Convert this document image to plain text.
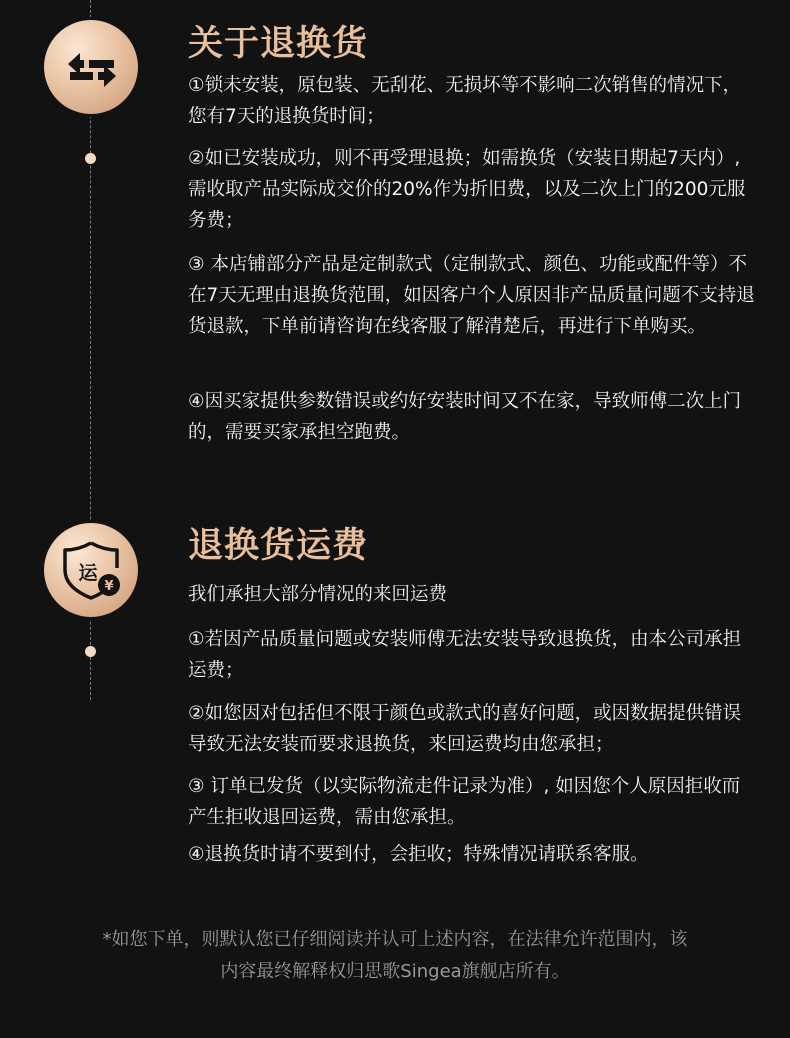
关于退换货

①锁未安装，原包装、无刮花、无损坏等不影响二次销售的情况下，您有7天的退换货时间；

②如已安装成功，则不再受理退换；如需换货（安装日期起7天内）,需收取产品实际成交价的20%作为折旧费，以及二次上门的200元服务费；

③ 本店铺部分产品是定制款式（定制款式、颜色、功能或配件等）不在7天无理由退换货范围，如因客户个人原因非产品质量问题不支持退货退款，下单前请咨询在线客服了解清楚后，再进行下单购买。

④因买家提供参数错误或约好安装时间又不在家，导致师傅二次上门的，需要买家承担空跑费。

运
¥
退换货运费

我们承担大部分情况的来回运费

①若因产品质量问题或安装师傅无法安装导致退换货，由本公司承担运费；

②如您因对包括但不限于颜色或款式的喜好问题，或因数据提供错误导致无法安装而要求退换货，来回运费均由您承担；

③ 订单已发货（以实际物流走件记录为准）, 如因您个人原因拒收而产生拒收退回运费，需由您承担。

④退换货时请不要到付，会拒收；特殊情况请联系客服。

*如您下单，则默认您已仔细阅读并认可上述内容，在法律允许范围内，该内容最终解释权归思歌Singea旗舰店所有。
